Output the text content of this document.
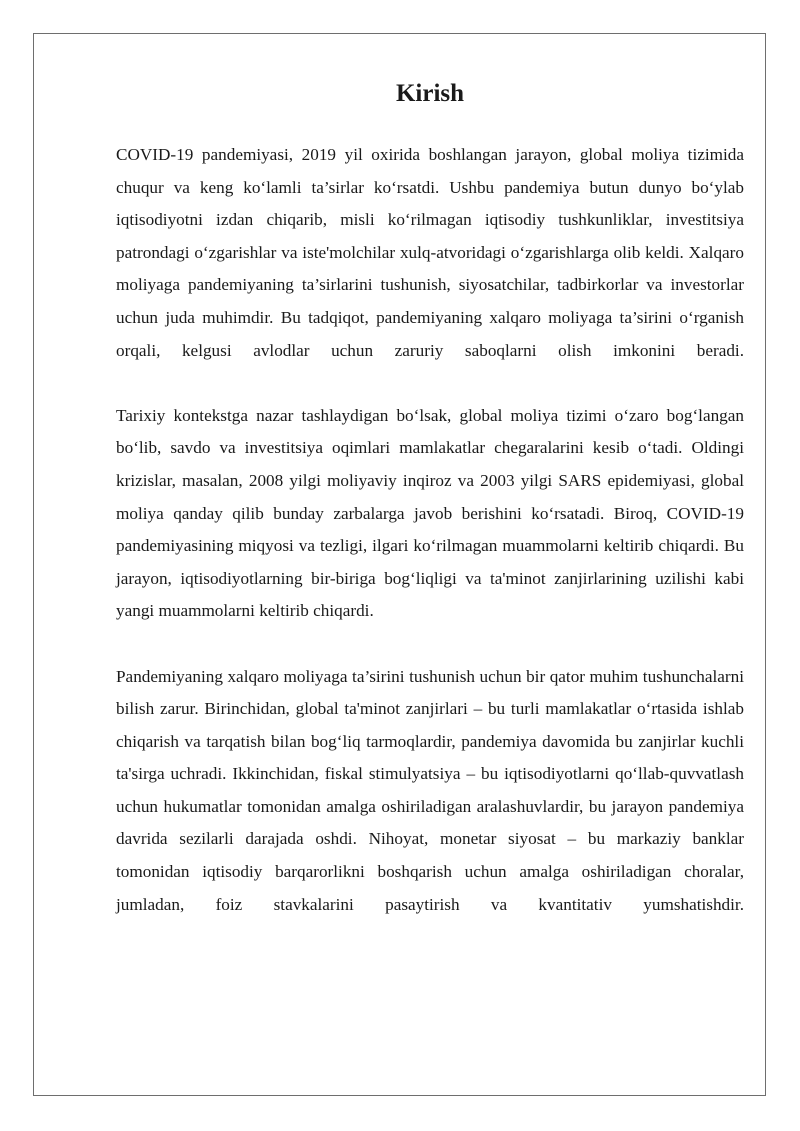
Kirish

COVID-19 pandemiyasi, 2019 yil oxirida boshlangan jarayon, global moliya tizimida chuqur va keng ko‘lamli ta’sirlar ko‘rsatdi. Ushbu pandemiya butun dunyo bo‘ylab iqtisodiyotni izdan chiqarib, misli ko‘rilmagan iqtisodiy tushkunliklar, investitsiya patrondagi o‘zgarishlar va iste'molchilar xulq-atvoridagi o‘zgarishlarga olib keldi. Xalqaro moliyaga pandemiyaning ta’sirlarini tushunish, siyosatchilar, tadbirkorlar va investorlar uchun juda muhimdir. Bu tadqiqot, pandemiyaning xalqaro moliyaga ta’sirini o‘rganish orqali, kelgusi avlodlar uchun zaruriy saboqlarni olish imkonini beradi.

Tarixiy kontekstga nazar tashlaydigan bo‘lsak, global moliya tizimi o‘zaro bog‘langan bo‘lib, savdo va investitsiya oqimlari mamlakatlar chegaralarini kesib o‘tadi. Oldingi krizislar, masalan, 2008 yilgi moliyaviy inqiroz va 2003 yilgi SARS epidemiyasi, global moliya qanday qilib bunday zarbalarga javob berishini ko‘rsatadi. Biroq, COVID-19 pandemiyasining miqyosi va tezligi, ilgari ko‘rilmagan muammolarni keltirib chiqardi. Bu jarayon, iqtisodiyotlarning bir-biriga bog‘liqligi va ta'minot zanjirlarining uzilishi kabi yangi muammolarni keltirib chiqardi.

Pandemiyaning xalqaro moliyaga ta’sirini tushunish uchun bir qator muhim tushunchalarni bilish zarur. Birinchidan, global ta'minot zanjirlari – bu turli mamlakatlar o‘rtasida ishlab chiqarish va tarqatish bilan bog‘liq tarmoqlardir, pandemiya davomida bu zanjirlar kuchli ta'sirga uchradi. Ikkinchidan, fiskal stimulyatsiya – bu iqtisodiyotlarni qo‘llab-quvvatlash uchun hukumatlar tomonidan amalga oshiriladigan aralashuvlardir, bu jarayon pandemiya davrida sezilarli darajada oshdi. Nihoyat, monetar siyosat – bu markaziy banklar tomonidan iqtisodiy barqarorlikni boshqarish uchun amalga oshiriladigan choralar, jumladan, foiz stavkalarini pasaytirish va kvantitativ yumshatishdir.
